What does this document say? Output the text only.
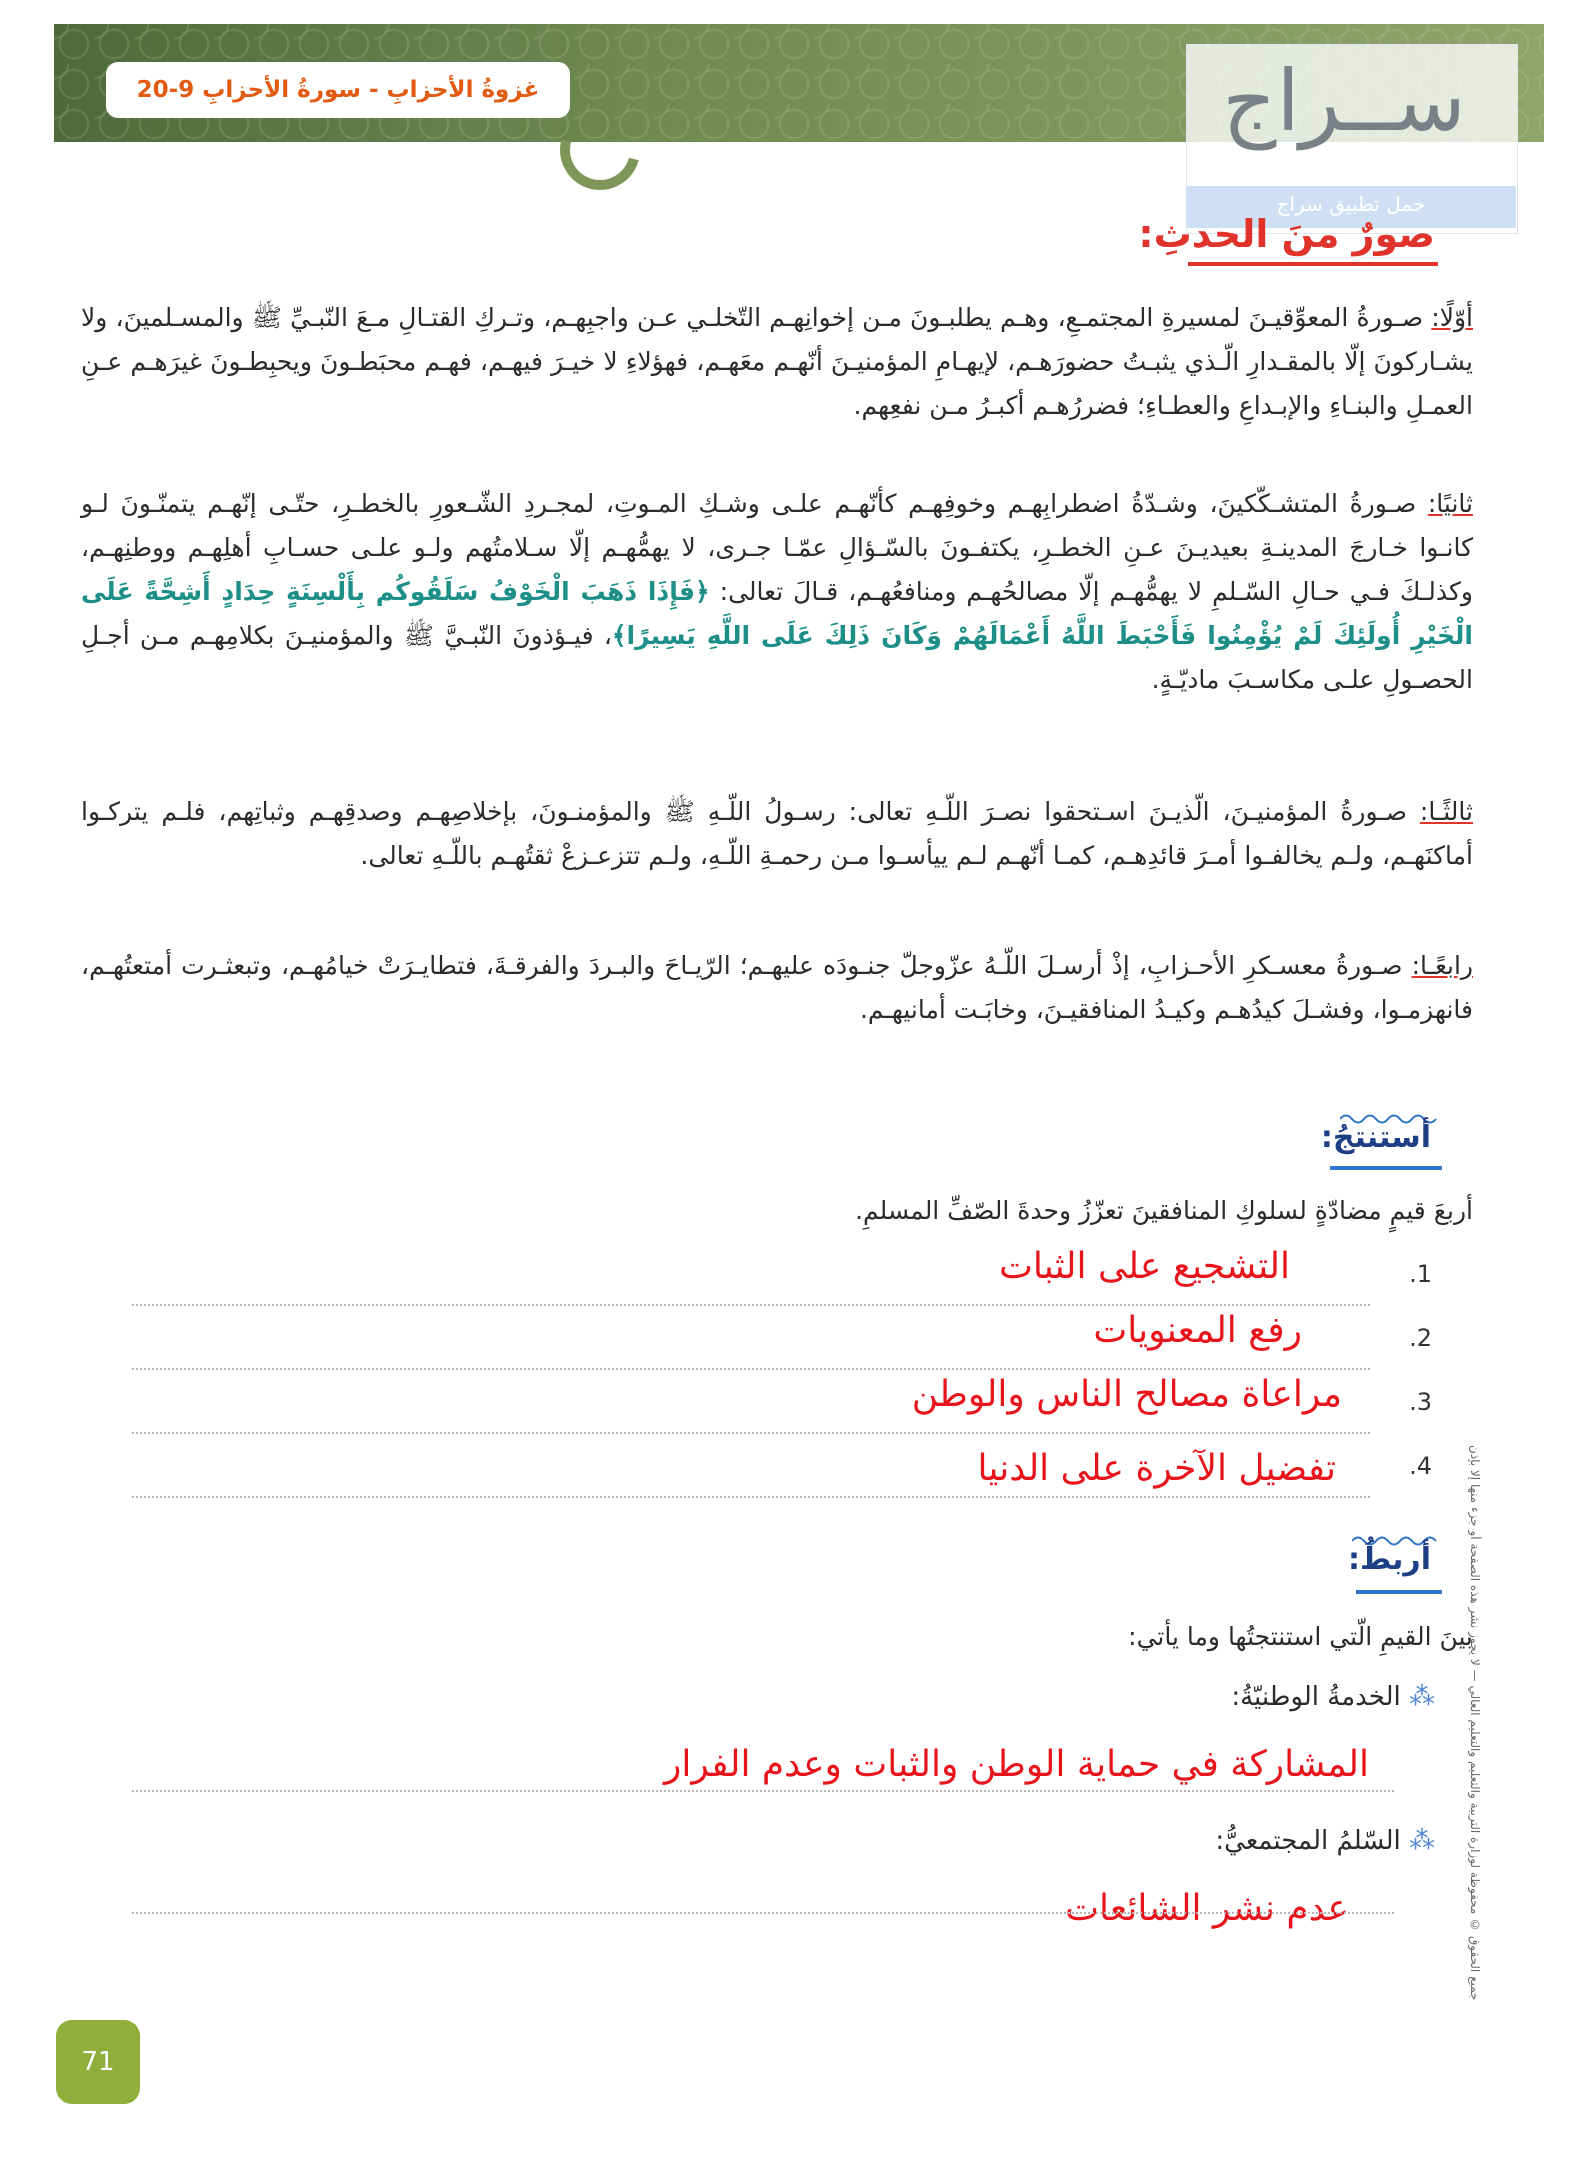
غزوةُ الأحزابِ - سورةُ الأحزابِ 9-20	ســراج
حمل تطبيق سراج
صورٌ منَ الحدثِ:
أوّلًا: صـورةُ المعوِّقيـنَ لمسيرةِ المجتمـعِ، وهـم يطلبـونَ مـن إخوانِهـم التّخلـي عـن واجبِهـم، وتـركِ القتـالِ مـعَ النّبـيِّ ﷺ والمسـلمينَ، ولا يشـاركونَ إلّا بالمقـدارِ الّـذي يثبـتُ حضورَهـم، لإيهـامِ المؤمنيـنَ أنّهـم معَهـم، فهؤلاءِ لا خيـرَ فيهـم، فهـم محبَطـونَ ويحبِطـونَ غيرَهـم عـنِ العمـلِ والبنـاءِ والإبـداعِ والعطـاءِ؛ فضررُهـم أكبـرُ مـن نفعِهم.
ثانيًا: صـورةُ المتشـكّكينَ، وشـدّةُ اضطرابِهـم وخوفِهـم كأنّهـم علـى وشـكِ المـوتِ، لمجـردِ الشّـعورِ بالخطـرِ، حتّـى إنّهـم يتمنّـونَ لـو كانـوا خـارجَ المدينـةِ بعيديـنَ عـنِ الخطـرِ، يكتفـونَ بالسّـؤالِ عمّـا جـرى، لا يهمُّهـم إلّا سـلامتُهم ولـو علـى حسـابِ أهلِهـم ووطنِهـم، وكذلـكَ فـي حـالِ السّـلمِ لا يهمُّهـم إلّا مصالحُهـم ومنافعُهـم، قـالَ تعالى: ﴿فَإِذَا ذَهَبَ الْخَوْفُ سَلَقُوكُم بِأَلْسِنَةٍ حِدَادٍ أَشِحَّةً عَلَى الْخَيْرِ أُولَئِكَ لَمْ يُؤْمِنُوا فَأَحْبَطَ اللَّهُ أَعْمَالَهُمْ وَكَانَ ذَلِكَ عَلَى اللَّهِ يَسِيرًا﴾، فيـؤذونَ النّبـيَّ ﷺ والمؤمنيـنَ بكلامِهـم مـن أجـلِ الحصـولِ علـى مكاسـبَ ماديّـةٍ.
ثالثًـا: صـورةُ المؤمنيـنَ، الّذيـنَ اسـتحقوا نصـرَ اللّـهِ تعالى: رسـولُ اللّـهِ ﷺ والمؤمنـونَ، بإخلاصِهـم وصدقِهـم وثباتِهم، فلـم يتركـوا أماكنَهـم، ولـم يخالفـوا أمـرَ قائدِهـم، كمـا أنّهـم لـم ييأسـوا مـن رحمـةِ اللّـهِ، ولـم تتزعـزعْ ثقتُهـم باللّـهِ تعالى.
رابعًـا: صـورةُ معسـكرِ الأحـزابِ، إذْ أرسـلَ اللّـهُ عزّوجلّ جنـودَه عليهـم؛ الرّيـاحَ والبـردَ والفرقـةَ، فتطايـرَتْ خيامُهـم، وتبعثـرت أمتعتُهـم، فانهزمـوا، وفشـلَ كيدُهـم وكيـدُ المنافقيـنَ، وخابَـت أمانيهـم.
جميع الحقوق © محفوظة لوزارة التربية والتعليم والتعليم العالي — لا يجوز نشر هذه الصفحة أو جزء منها إلا بإذن
أستنتجُ:
أربعَ قيمٍ مضادّةٍ لسلوكِ المنافقينَ تعزّزُ وحدةَ الصّفِّ المسلمِ.
1.
التشجيع على الثبات
2.
رفع المعنويات
3.
مراعاة مصالح الناس والوطن
4.
تفضيل الآخرة على الدنيا
أربطُ:
بينَ القيمِ الّتي استنتجتُها وما يأتي:
⁂ الخدمةُ الوطنيّةُ:
المشاركة في حماية الوطن والثبات وعدم الفرار
⁂ السّلمُ المجتمعيُّ:
عدم نشر الشائعات
71
